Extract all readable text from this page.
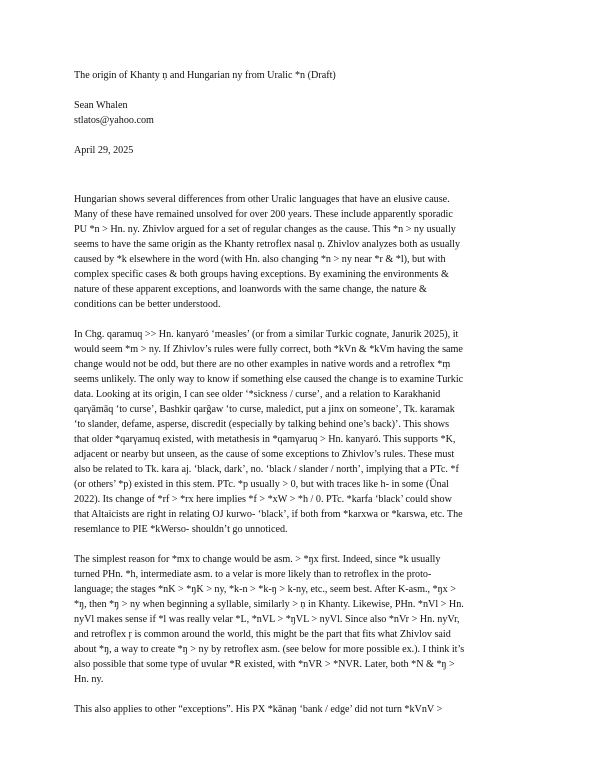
The origin of Khanty ṇ and Hungarian ny from Uralic *n (Draft)
Sean Whalen
stlatos@yahoo.com
April 29, 2025
Hungarian shows several differences from other Uralic languages that have an elusive cause.
Many of these have remained unsolved for over 200 years. These include apparently sporadic
PU *n > Hn. ny. Zhivlov argued for a set of regular changes as the cause. This *n > ny usually
seems to have the same origin as the Khanty retroflex nasal ṇ. Zhivlov analyzes both as usually
caused by *k elsewhere in the word (with Hn. also changing *n > ny near *r & *l), but with
complex specific cases & both groups having exceptions. By examining the environments &
nature of these apparent exceptions, and loanwords with the same change, the nature &
conditions can be better understood.
In Chg. qaramuq >> Hn. kanyaró ‘measles’ (or from a similar Turkic cognate, Janurik 2025), it
would seem *m > ny. If Zhivlov’s rules were fully correct, both *kVn & *kVm having the same
change would not be odd, but there are no other examples in native words and a retroflex *ṃ
seems unlikely. The only way to know if something else caused the change is to examine Turkic
data. Looking at its origin, I can see older ‘*sickness / curse’, and a relation to Karakhanid
qarγāmāq ‘to curse’, Bashkir qarğaw ‘to curse, maledict, put a jinx on someone’, Tk. karamak
‘to slander, defame, asperse, discredit (especially by talking behind one’s back)’. This shows
that older *qarγamuq existed, with metathesis in *qamγaruq > Hn. kanyaró. This supports *K,
adjacent or nearby but unseen, as the cause of some exceptions to Zhivlov’s rules. These must
also be related to Tk. kara aj. ‘black, dark’, no. ‘black / slander / north’, implying that a PTc. *f
(or others’ *p) existed in this stem. PTc. *p usually > 0, but with traces like h- in some (Ünal
2022). Its change of *rf > *rx here implies *f > *xW > *h / 0. PTc. *karfa ‘black’ could show
that Altaicists are right in relating OJ kurwo- ‘black’, if both from *karxwa or *karswa, etc. The
resemlance to PIE *kWerso- shouldn’t go unnoticed.
The simplest reason for *mx to change would be asm. > *ŋx first. Indeed, since *k usually
turned PHn. *h, intermediate asm. to a velar is more likely than to retroflex in the proto-
language; the stages *nK > *ŋK > ny, *k-n > *k-ŋ > k-ny, etc., seem best. After K-asm., *ŋx >
*ŋ, then *ŋ > ny when beginning a syllable, similarly > ṇ in Khanty. Likewise, PHn. *nVl > Hn.
nyVl makes sense if *l was really velar *L, *nVL > *ŋVL > nyVl. Since also *nVr > Hn. nyVr,
and retroflex ṛ is common around the world, this might be the part that fits what Zhivlov said
about *ŋ, a way to create *ŋ > ny by retroflex asm. (see below for more possible ex.). I think it’s
also possible that some type of uvular *R existed, with *nVR > *NVR. Later, both *N & *ŋ >
Hn. ny.
This also applies to other “exceptions”. His PX *kānəŋ ‘bank / edge’ did not turn *kVnV >
